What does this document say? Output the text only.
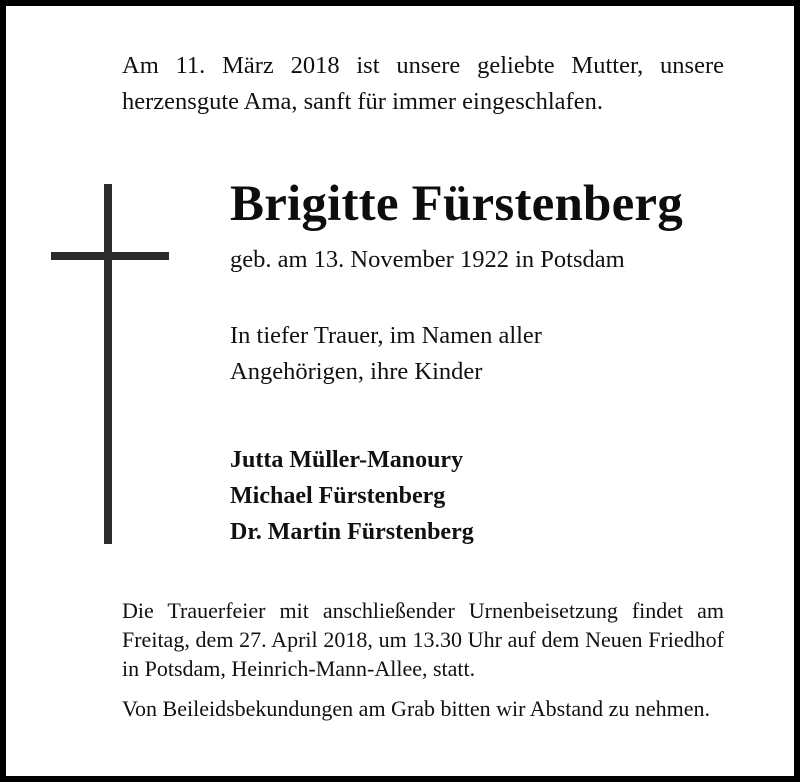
Am 11. März 2018 ist unsere geliebte Mutter, unsere herzensgute Ama, sanft für immer eingeschlafen.

Brigitte Fürstenberg

geb. am 13. November 1922 in Potsdam

In tiefer Trauer, im Namen aller
Angehörigen, ihre Kinder

Jutta Müller-Manoury
Michael Fürstenberg
Dr. Martin Fürstenberg

Die Trauerfeier mit anschließender Urnenbeisetzung findet am Freitag, dem 27. April 2018, um 13.30 Uhr auf dem Neuen Friedhof in Potsdam, Heinrich-Mann-Allee, statt.

Von Beileidsbekundungen am Grab bitten wir Abstand zu nehmen.
